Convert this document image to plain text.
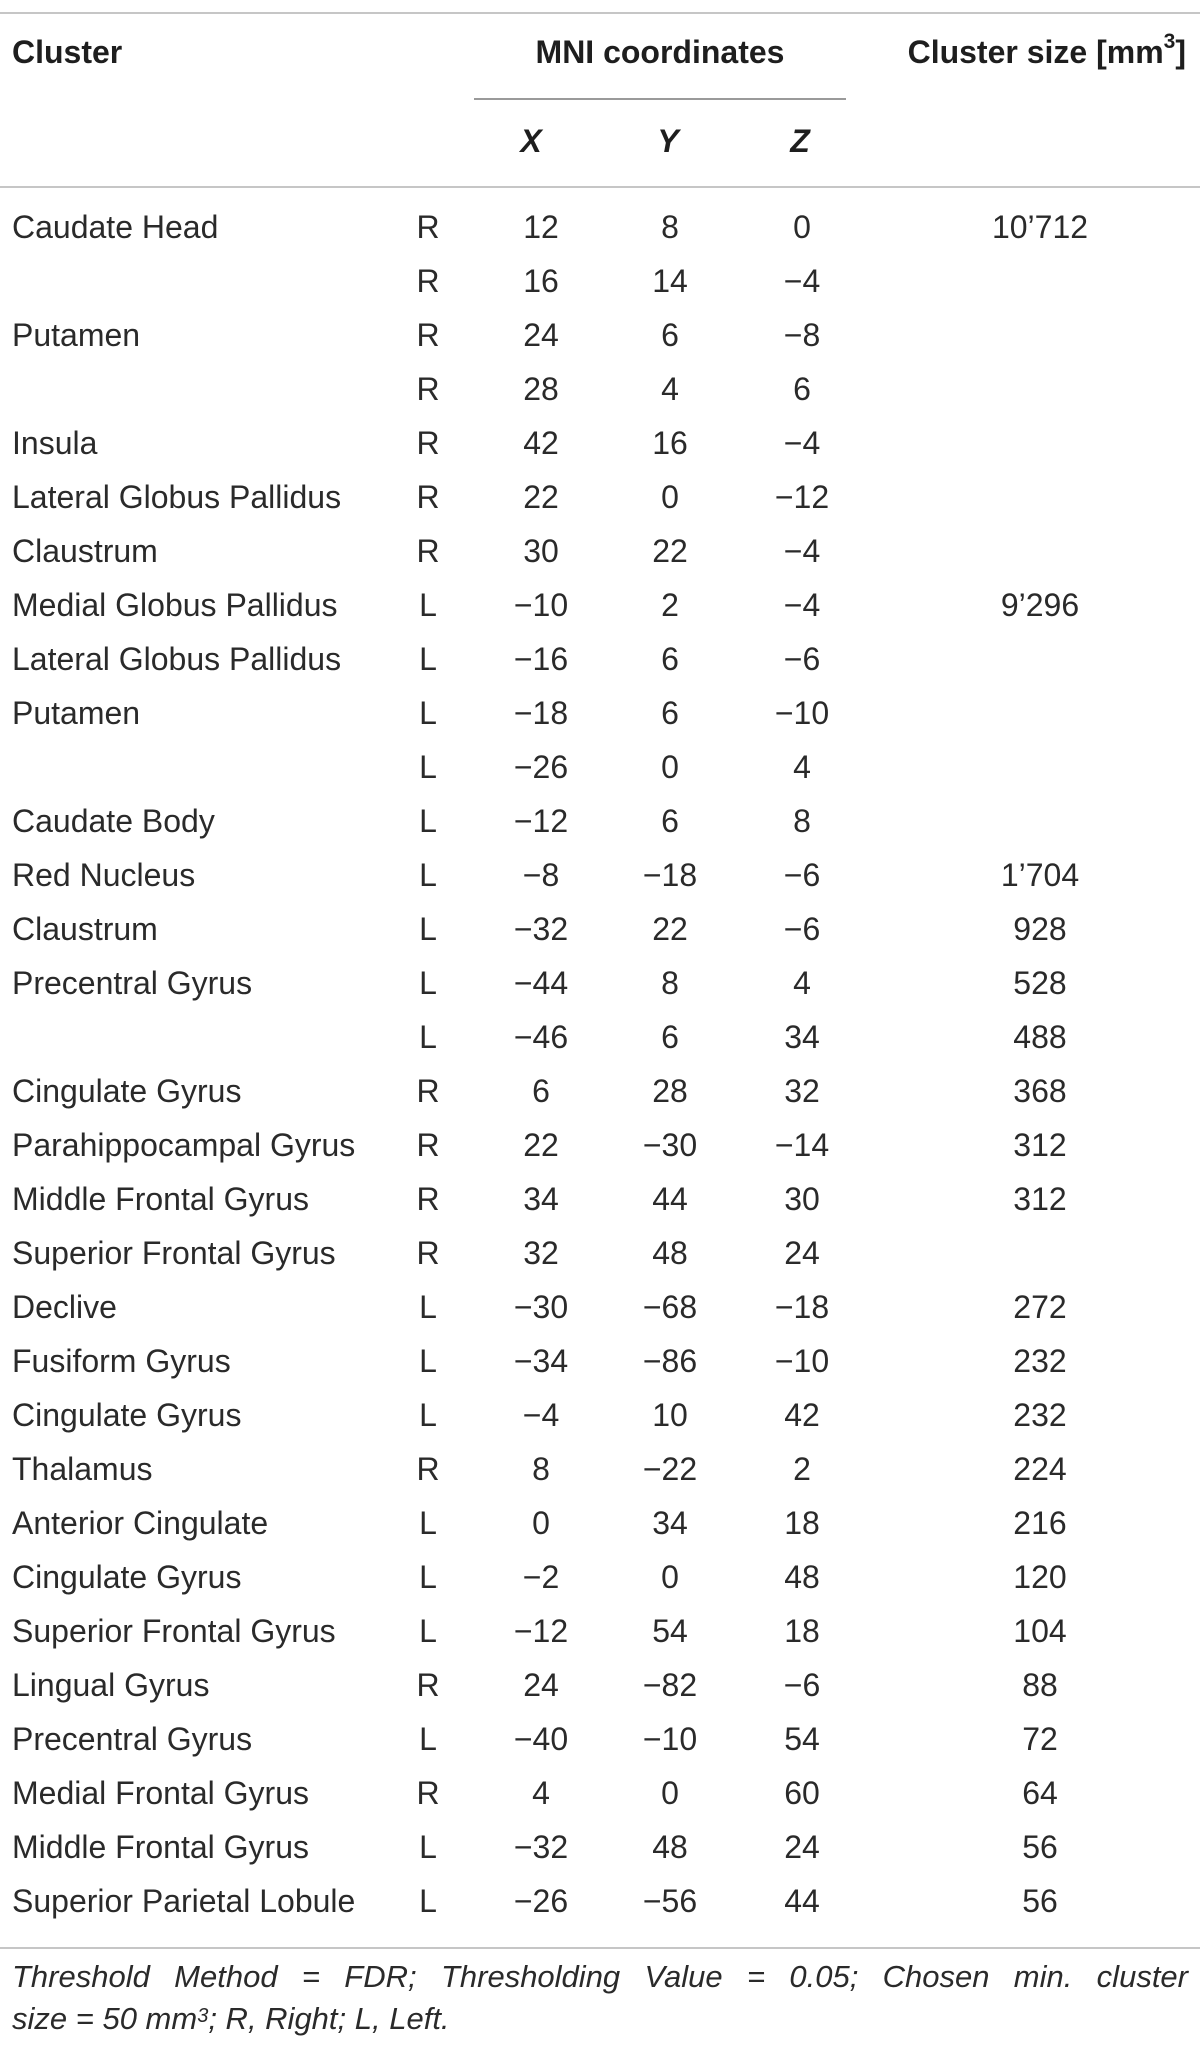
Cluster	MNI coordinates	Cluster size $[mm^3]$
X	Y	Z
Caudate Head	R	12	8	0	10’712
R	16	14	−4
Putamen	R	24	6	−8
R	28	4	6
Insula	R	42	16	−4
Lateral Globus Pallidus R	22	0	−12
Claustrum	R	30	22	−4
Medial Globus Pallidus	L	−10	2	−4	9’296
Lateral Globus Pallidus	L	−16	6	−6
Putamen	L	−18	6	−10
L	−26	0	4
Caudate Body	L	−12	6	8
Red Nucleus	L	−8	−18	−6	1’704
Claustrum	L	−32	22	−6	928
Precentral Gyrus	L	−44	8	4	528
L	−46	6	34	488
Cingulate Gyrus	R	6	28	32	368
Parahippocampal Gyrus R	22	−30	−14	312
Middle Frontal Gyrus	R	34	44	30	312
Superior Frontal Gyrus	R	32	48	24
Declive	L	−30	−68	−18	272
Fusiform Gyrus	L	−34	−86	−10	232
Cingulate Gyrus	L	−4	10	42	232
Thalamus	R	8	−22	2	224
Anterior Cingulate	L	0	34	18	216
Cingulate Gyrus	L	−2	0	48	120
Superior Frontal Gyrus	L	−12	54	18	104
Lingual Gyrus	R	24	−82	−6	88
Precentral Gyrus	L	−40	−10	54	72
Medial Frontal Gyrus	R	4	0	60	64
Middle Frontal Gyrus	L	−32	48	24	56
Superior Parietal Lobule	L	−26	−56	44	56
Threshold Method = FDR; Thresholding Value = 0.05; Chosen min. cluster
size = 50 $mm^3$; R, Right; L, Left.
